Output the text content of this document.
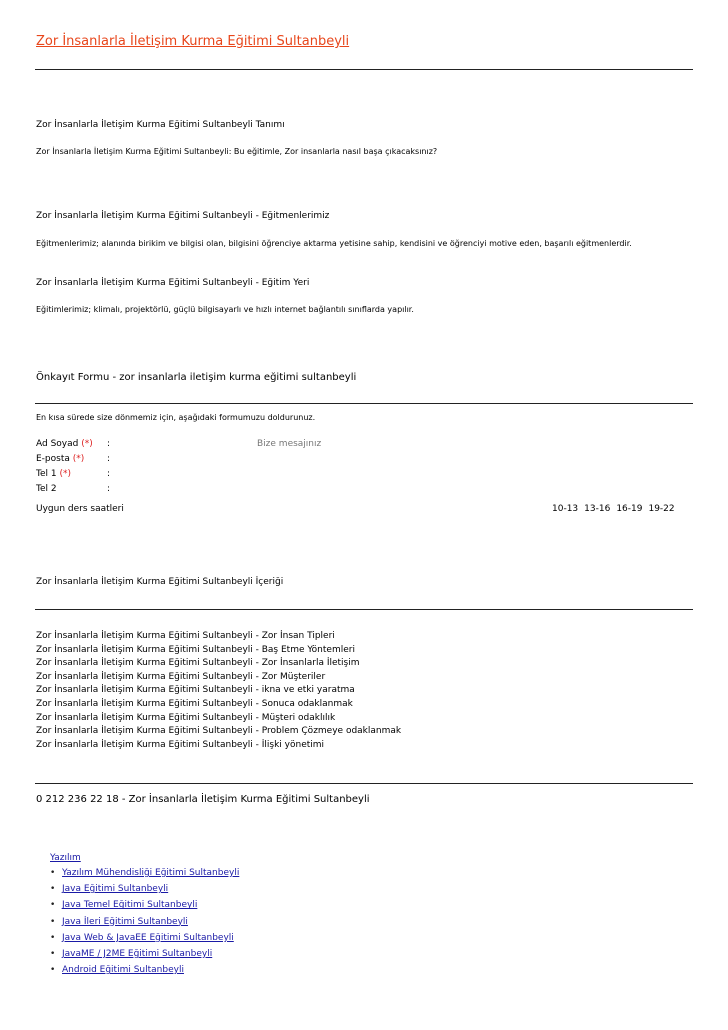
Zor İnsanlarla İletişim Kurma Eğitimi Sultanbeyli
Zor İnsanlarla İletişim Kurma Eğitimi Sultanbeyli Tanımı
Zor İnsanlarla İletişim Kurma Eğitimi Sultanbeyli: Bu eğitimle, Zor insanlarla nasıl başa çıkacaksınız?
Zor İnsanlarla İletişim Kurma Eğitimi Sultanbeyli - Eğitmenlerimiz
Eğitmenlerimiz; alanında birikim ve bilgisi olan, bilgisini öğrenciye aktarma yetisine sahip, kendisini ve öğrenciyi motive eden, başarılı eğitmenlerdir.
Zor İnsanlarla İletişim Kurma Eğitimi Sultanbeyli - Eğitim Yeri
Eğitimlerimiz; klimalı, projektörlü, güçlü bilgisayarlı ve hızlı internet bağlantılı sınıflarda yapılır.
Önkayıt Formu - zor insanlarla iletişim kurma eğitimi sultanbeyli
En kısa sürede size dönmemiz için, aşağıdaki formumuzu doldurunuz.
Ad Soyad (*) :	Bize mesajınız
E-posta (*)	:
Tel 1 (*)	:
Tel 2	:
Uygun ders saatleri	10-13 13-16 16-19 19-22
Zor İnsanlarla İletişim Kurma Eğitimi Sultanbeyli İçeriği
Zor İnsanlarla İletişim Kurma Eğitimi Sultanbeyli - Zor İnsan Tipleri
Zor İnsanlarla İletişim Kurma Eğitimi Sultanbeyli - Baş Etme Yöntemleri
Zor İnsanlarla İletişim Kurma Eğitimi Sultanbeyli - Zor İnsanlarla İletişim
Zor İnsanlarla İletişim Kurma Eğitimi Sultanbeyli - Zor Müşteriler
Zor İnsanlarla İletişim Kurma Eğitimi Sultanbeyli - ikna ve etki yaratma
Zor İnsanlarla İletişim Kurma Eğitimi Sultanbeyli - Sonuca odaklanmak
Zor İnsanlarla İletişim Kurma Eğitimi Sultanbeyli - Müşteri odaklılık
Zor İnsanlarla İletişim Kurma Eğitimi Sultanbeyli - Problem Çözmeye odaklanmak
Zor İnsanlarla İletişim Kurma Eğitimi Sultanbeyli - İlişki yönetimi
0 212 236 22 18 - Zor İnsanlarla İletişim Kurma Eğitimi Sultanbeyli
Yazılım
• Yazılım Mühendisliği Eğitimi Sultanbeyli
• Java Eğitimi Sultanbeyli
• Java Temel Eğitimi Sultanbeyli
• Java İleri Eğitimi Sultanbeyli
• Java Web & JavaEE Eğitimi Sultanbeyli
• JavaME / J2ME Eğitimi Sultanbeyli
• Android Eğitimi Sultanbeyli
